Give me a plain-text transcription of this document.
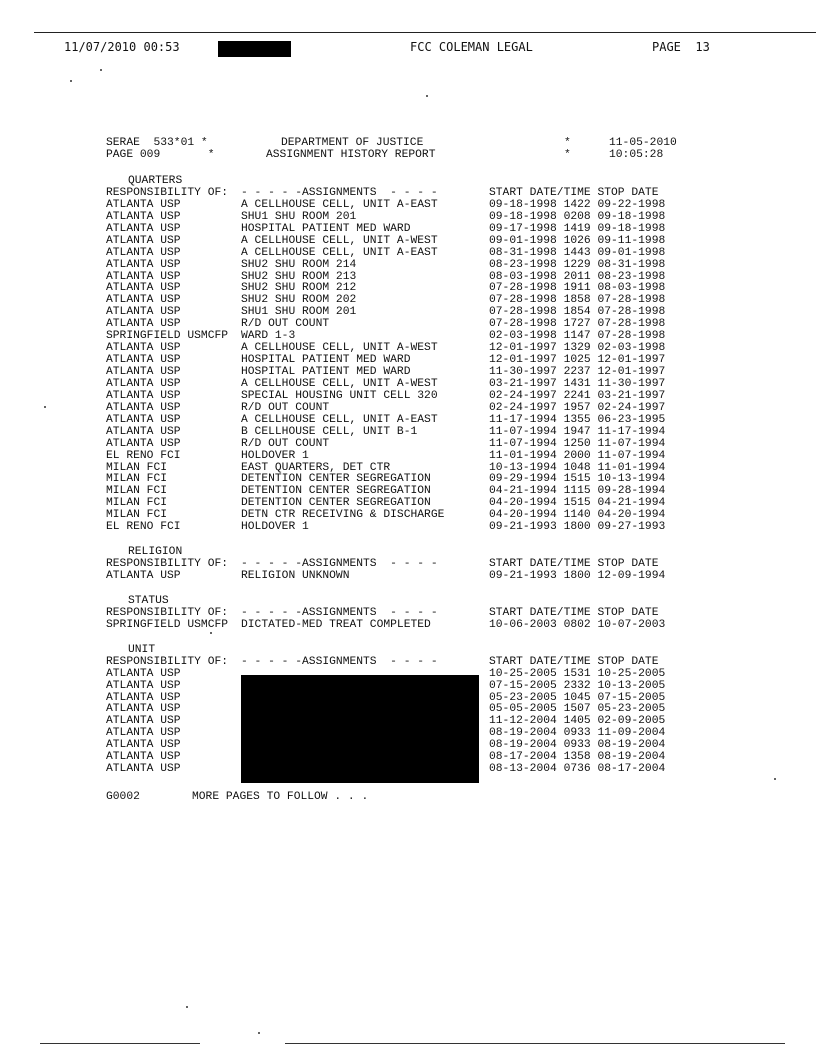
11/07/2010 00:53	FCC COLEMAN LEGAL	PAGE  13
SERAE  533*01 *
PAGE 009       *
DEPARTMENT OF JUSTICE
ASSIGNMENT HISTORY REPORT
*
*
11-05-2010
10:05:28
QUARTERS
RESPONSIBILITY OF: - - - - -ASSIGNMENTS  - - - -	START DATE/TIME STOP DATE
ATLANTA USP	A CELLHOUSE CELL, UNIT A-EAST	09-18-1998 1422 09-22-1998
ATLANTA USP	SHU1 SHU ROOM 201	09-18-1998 0208 09-18-1998
ATLANTA USP	HOSPITAL PATIENT MED WARD	09-17-1998 1419 09-18-1998
ATLANTA USP	A CELLHOUSE CELL, UNIT A-WEST	09-01-1998 1026 09-11-1998
ATLANTA USP	A CELLHOUSE CELL, UNIT A-EAST	08-31-1998 1443 09-01-1998
ATLANTA USP	SHU2 SHU ROOM 214	08-23-1998 1229 08-31-1998
ATLANTA USP	SHU2 SHU ROOM 213	08-03-1998 2011 08-23-1998
ATLANTA USP	SHU2 SHU ROOM 212	07-28-1998 1911 08-03-1998
ATLANTA USP	SHU2 SHU ROOM 202	07-28-1998 1858 07-28-1998
ATLANTA USP	SHU1 SHU ROOM 201	07-28-1998 1854 07-28-1998
ATLANTA USP	R/D OUT COUNT	07-28-1998 1727 07-28-1998
SPRINGFIELD USMCFP WARD 1-3	02-03-1998 1147 07-28-1998
ATLANTA USP	A CELLHOUSE CELL, UNIT A-WEST	12-01-1997 1329 02-03-1998
ATLANTA USP	HOSPITAL PATIENT MED WARD	12-01-1997 1025 12-01-1997
ATLANTA USP	HOSPITAL PATIENT MED WARD	11-30-1997 2237 12-01-1997
ATLANTA USP	A CELLHOUSE CELL, UNIT A-WEST	03-21-1997 1431 11-30-1997
ATLANTA USP	SPECIAL HOUSING UNIT CELL 320	02-24-1997 2241 03-21-1997
ATLANTA USP	R/D OUT COUNT	02-24-1997 1957 02-24-1997
ATLANTA USP	A CELLHOUSE CELL, UNIT A-EAST	11-17-1994 1355 06-23-1995
ATLANTA USP	B CELLHOUSE CELL, UNIT B-1	11-07-1994 1947 11-17-1994
ATLANTA USP	R/D OUT COUNT	11-07-1994 1250 11-07-1994
EL RENO FCI	HOLDOVER 1	11-01-1994 2000 11-07-1994
MILAN FCI	EAST QUARTERS, DET CTR	10-13-1994 1048 11-01-1994
MILAN FCI	DETENTION CENTER SEGREGATION	09-29-1994 1515 10-13-1994
MILAN FCI	DETENTION CENTER SEGREGATION	04-21-1994 1115 09-28-1994
MILAN FCI	DETENTION CENTER SEGREGATION	04-20-1994 1515 04-21-1994
MILAN FCI	DETN CTR RECEIVING & DISCHARGE	04-20-1994 1140 04-20-1994
EL RENO FCI	HOLDOVER 1	09-21-1993 1800 09-27-1993
RELIGION
RESPONSIBILITY OF: - - - - -ASSIGNMENTS  - - - -	START DATE/TIME STOP DATE
ATLANTA USP	RELIGION UNKNOWN	09-21-1993 1800 12-09-1994
STATUS
RESPONSIBILITY OF: - - - - -ASSIGNMENTS  - - - -	START DATE/TIME STOP DATE
SPRINGFIELD USMCFP DICTATED-MED TREAT COMPLETED	10-06-2003 0802 10-07-2003
UNIT
RESPONSIBILITY OF: - - - - -ASSIGNMENTS  - - - -	START DATE/TIME STOP DATE
ATLANTA USP	10-25-2005 1531 10-25-2005
ATLANTA USP	07-15-2005 2332 10-13-2005
ATLANTA USP	05-23-2005 1045 07-15-2005
ATLANTA USP	05-05-2005 1507 05-23-2005
ATLANTA USP	11-12-2004 1405 02-09-2005
ATLANTA USP	08-19-2004 0933 11-09-2004
ATLANTA USP	08-19-2004 0933 08-19-2004
ATLANTA USP	08-17-2004 1358 08-19-2004
ATLANTA USP	08-13-2004 0736 08-17-2004
G0002	MORE PAGES TO FOLLOW . . .
